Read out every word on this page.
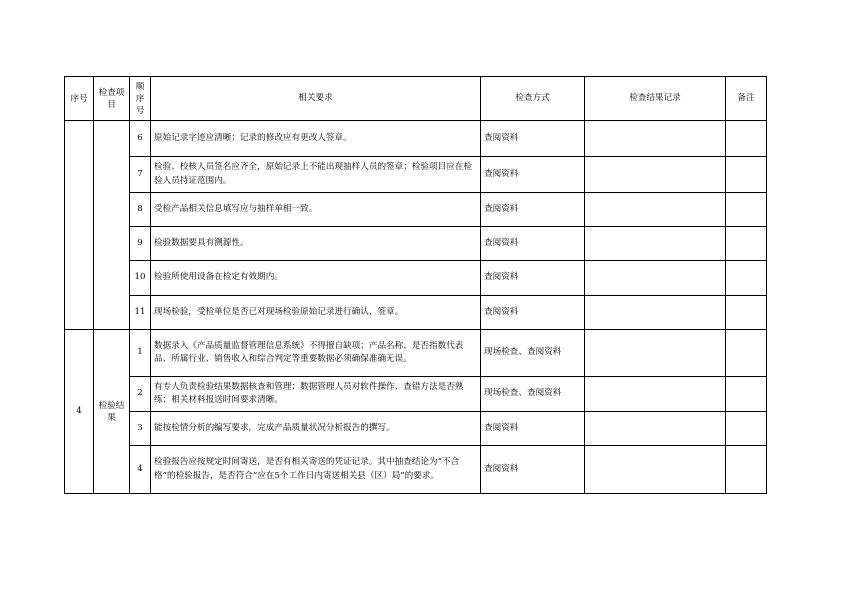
序号	检查项目	顺序号	相关要求	检查方式	检查结果记录	备注
		6	原始记录字迹应清晰；记录的修改应有更改人签章。	查阅资料		
		7	检验、校核人员签名应齐全，原始记录上不能出现抽样人员的签章；检验项目应在检验人员持证范围内。	查阅资料		
		8	受检产品相关信息填写应与抽样单相一致。	查阅资料		
		9	检验数据要具有溯源性。	查阅资料		
		10	检验所使用设备在检定有效期内。	查阅资料		
		11	现场检验，受检单位是否已对现场检验原始记录进行确认、签章。	查阅资料		
4	检验结果	1	数据录入《产品质量监督管理信息系统》不得擅自缺项；产品名称、是否指数代表品、所属行业、销售收入和综合判定等重要数据必须确保准确无误。	现场检查、查阅资料		
		2	有专人负责检验结果数据核查和管理；数据管理人员对软件操作、查错方法是否熟练；相关材料报送时间要求清晰。	现场检查、查阅资料		
		3	能按检情分析的编写要求，完成产品质量状况分析报告的撰写。	查阅资料		
		4	检验报告应按规定时间寄送，是否有相关寄送的凭证记录。其中抽查结论为“不合格”的检验报告，是否符合“应在5个工作日内寄送相关县（区）局”的要求。	查阅资料		
